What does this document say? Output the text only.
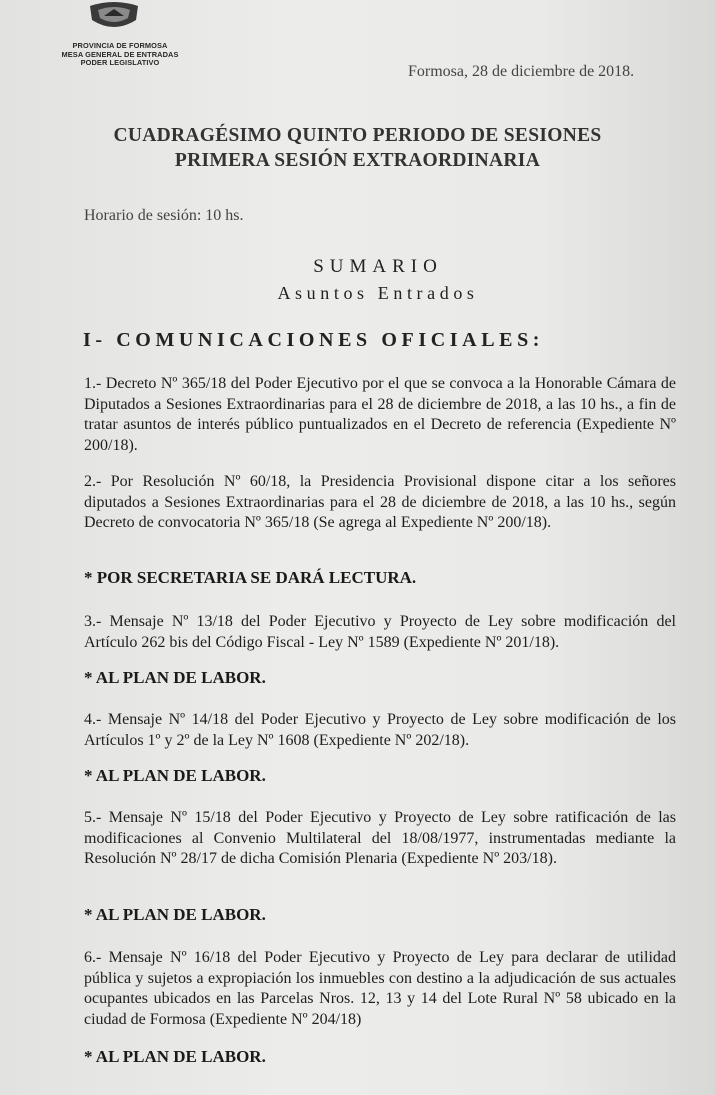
PROVINCIA DE FORMOSA
MESA GENERAL DE ENTRADAS
PODER LEGISLATIVO
Formosa, 28 de diciembre de 2018.
CUADRAGÉSIMO QUINTO PERIODO DE SESIONES
PRIMERA SESIÓN EXTRAORDINARIA
Horario de sesión: 10 hs.
SUMARIO
Asuntos Entrados
I- COMUNICACIONES OFICIALES:
1.- Decreto Nº 365/18 del Poder Ejecutivo por el que se convoca a la Honorable Cámara de Diputados a Sesiones Extraordinarias para el 28 de diciembre de 2018, a las 10 hs., a fin de tratar asuntos de interés público puntualizados en el Decreto de referencia (Expediente Nº 200/18).
2.- Por Resolución Nº 60/18, la Presidencia Provisional dispone citar a los señores diputados a Sesiones Extraordinarias para el 28 de diciembre de 2018, a las 10 hs., según Decreto de convocatoria Nº 365/18 (Se agrega al Expediente Nº 200/18).
* POR SECRETARIA SE DARÁ LECTURA.
3.- Mensaje Nº 13/18 del Poder Ejecutivo y Proyecto de Ley sobre modificación del Artículo 262 bis del Código Fiscal - Ley Nº 1589 (Expediente Nº 201/18).
* AL PLAN DE LABOR.
4.- Mensaje Nº 14/18 del Poder Ejecutivo y Proyecto de Ley sobre modificación de los Artículos 1º y 2º de la Ley Nº 1608 (Expediente Nº 202/18).
* AL PLAN DE LABOR.
5.- Mensaje Nº 15/18 del Poder Ejecutivo y Proyecto de Ley sobre ratificación de las modificaciones al Convenio Multilateral del 18/08/1977, instrumentadas mediante la Resolución Nº 28/17 de dicha Comisión Plenaria (Expediente Nº 203/18).
* AL PLAN DE LABOR.
6.- Mensaje Nº 16/18 del Poder Ejecutivo y Proyecto de Ley para declarar de utilidad pública y sujetos a expropiación los inmuebles con destino a la adjudicación de sus actuales ocupantes ubicados en las Parcelas Nros. 12, 13 y 14 del Lote Rural Nº 58 ubicado en la ciudad de Formosa (Expediente Nº 204/18)
* AL PLAN DE LABOR.
